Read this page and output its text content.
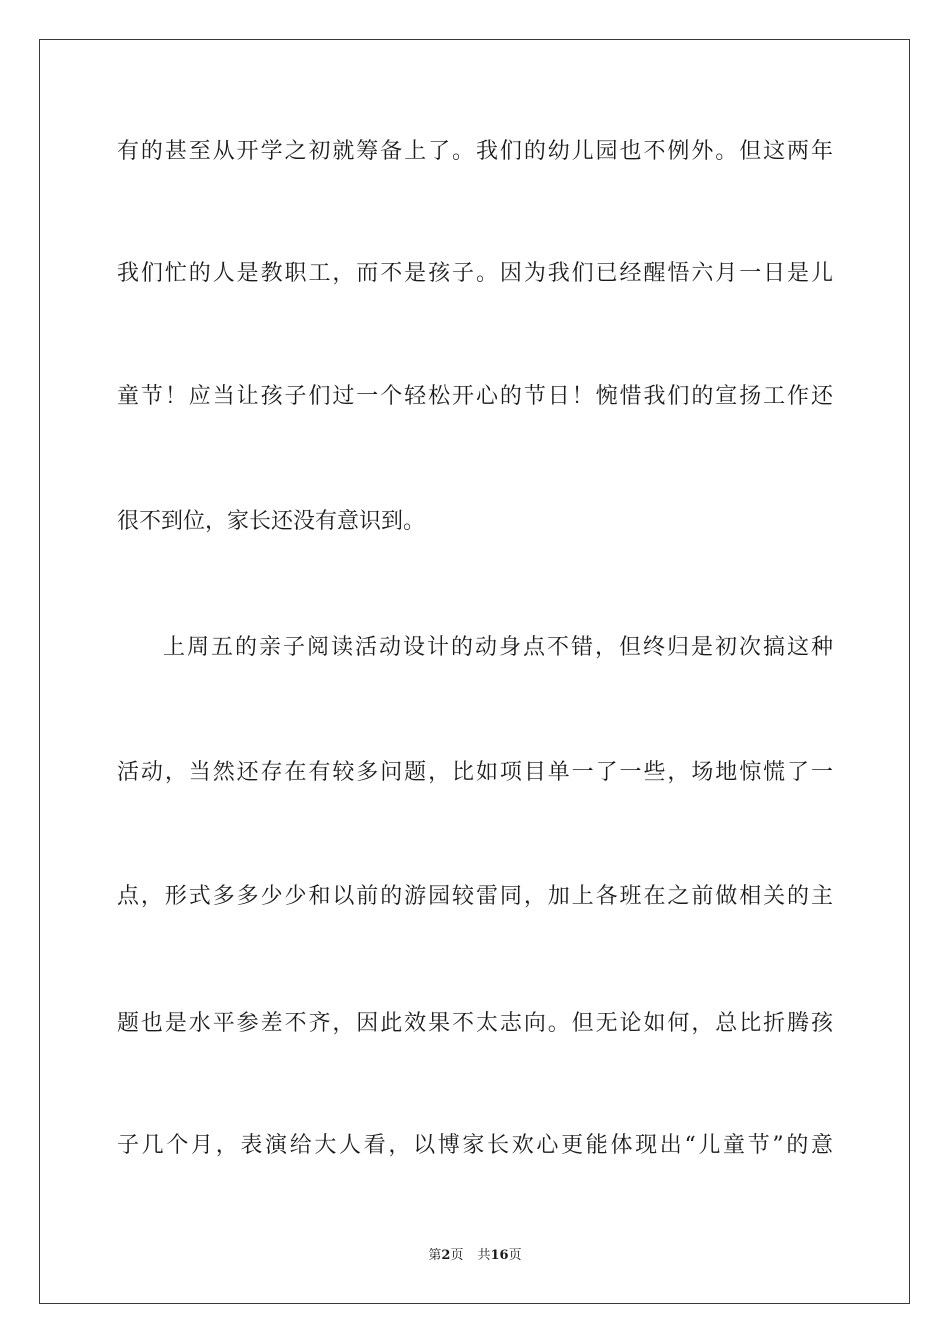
有的甚至从开学之初就筹备上了。我们的幼儿园也不例外。但这两年
我们忙的人是教职工，而不是孩子。因为我们已经醒悟六月一日是儿
童节！应当让孩子们过一个轻松开心的节日！惋惜我们的宣扬工作还
很不到位，家长还没有意识到。
上周五的亲子阅读活动设计的动身点不错，但终归是初次搞这种
活动，当然还存在有较多问题，比如项目单一了一些，场地惊慌了一
点，形式多多少少和以前的游园较雷同，加上各班在之前做相关的主
题也是水平参差不齐，因此效果不太志向。但无论如何，总比折腾孩
子几个月，表演给大人看，以博家长欢心更能体现出“儿童节”的意
第2页 共16页
